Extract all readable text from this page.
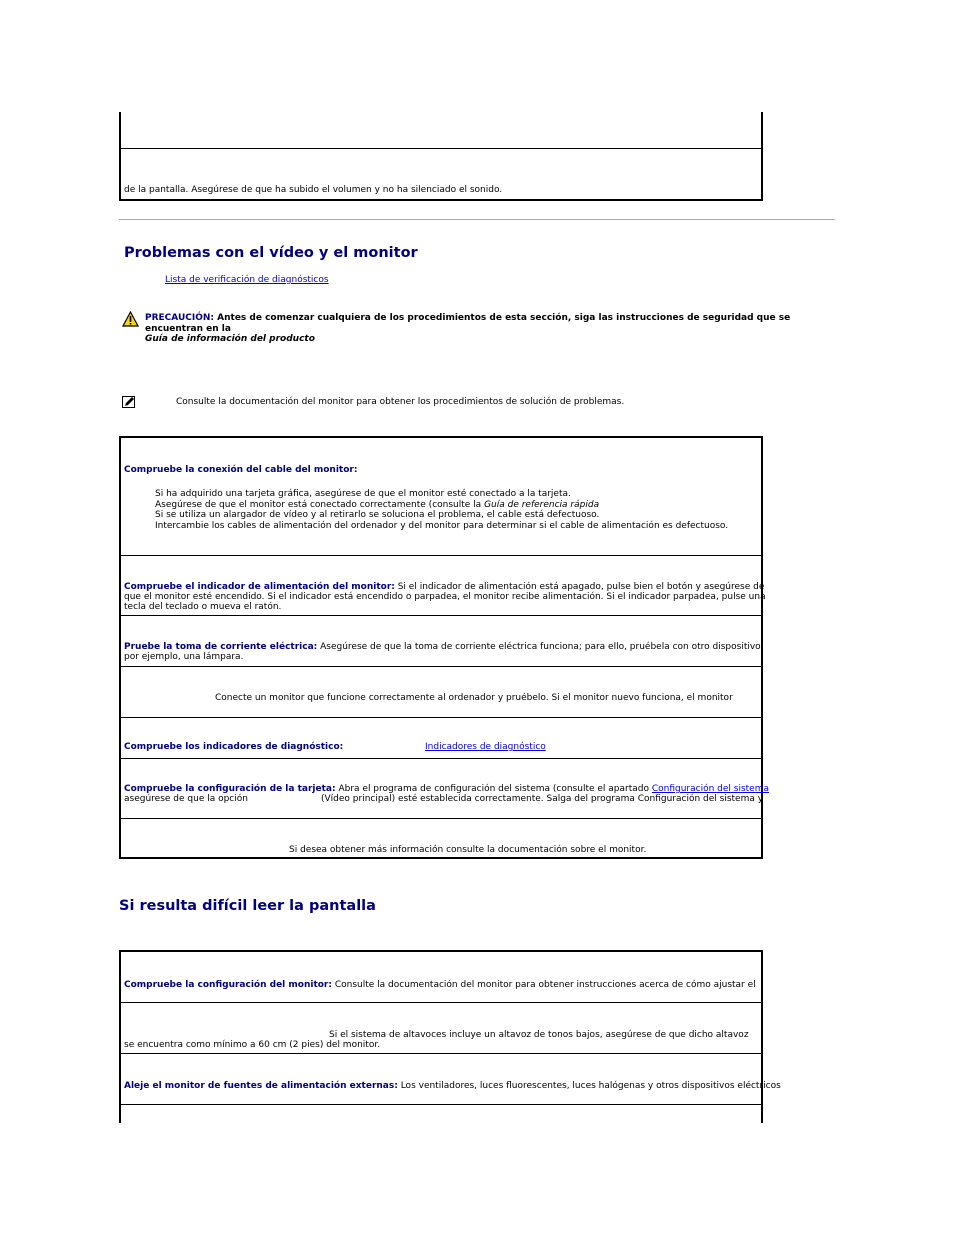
de la pantalla. Asegúrese de que ha subido el volumen y no ha silenciado el sonido.
Problemas con el vídeo y el monitor
Lista de verificación de diagnósticos
PRECAUCIÓN: Antes de comenzar cualquiera de los procedimientos de esta sección, siga las instrucciones de seguridad que se encuentran en la
Guía de información del producto
Consulte la documentación del monitor para obtener los procedimientos de solución de problemas.
Compruebe la conexión del cable del monitor:
Si ha adquirido una tarjeta gráfica, asegúrese de que el monitor esté conectado a la tarjeta.
Asegúrese de que el monitor está conectado correctamente (consulte la Guía de referencia rápida
Si se utiliza un alargador de vídeo y al retirarlo se soluciona el problema, el cable está defectuoso.
Intercambie los cables de alimentación del ordenador y del monitor para determinar si el cable de alimentación es defectuoso.
Compruebe el indicador de alimentación del monitor: Si el indicador de alimentación está apagado, pulse bien el botón y asegúrese de
que el monitor esté encendido. Si el indicador está encendido o parpadea, el monitor recibe alimentación. Si el indicador parpadea, pulse una
tecla del teclado o mueva el ratón.
Pruebe la toma de corriente eléctrica: Asegúrese de que la toma de corriente eléctrica funciona; para ello, pruébela con otro dispositivo,
por ejemplo, una lámpara.
Conecte un monitor que funcione correctamente al ordenador y pruébelo. Si el monitor nuevo funciona, el monitor
Compruebe los indicadores de diagnóstico:	Indicadores de diagnóstico
Compruebe la configuración de la tarjeta: Abra el programa de configuración del sistema (consulte el apartado Configuración del sistema
asegúrese de que la opción	(Vídeo principal) esté establecida correctamente. Salga del programa Configuración del sistema y
Si desea obtener más información consulte la documentación sobre el monitor.
Si resulta difícil leer la pantalla
Compruebe la configuración del monitor: Consulte la documentación del monitor para obtener instrucciones acerca de cómo ajustar el
Si el sistema de altavoces incluye un altavoz de tonos bajos, asegúrese de que dicho altavoz
se encuentra como mínimo a 60 cm (2 pies) del monitor.
Aleje el monitor de fuentes de alimentación externas: Los ventiladores, luces fluorescentes, luces halógenas y otros dispositivos eléctricos
